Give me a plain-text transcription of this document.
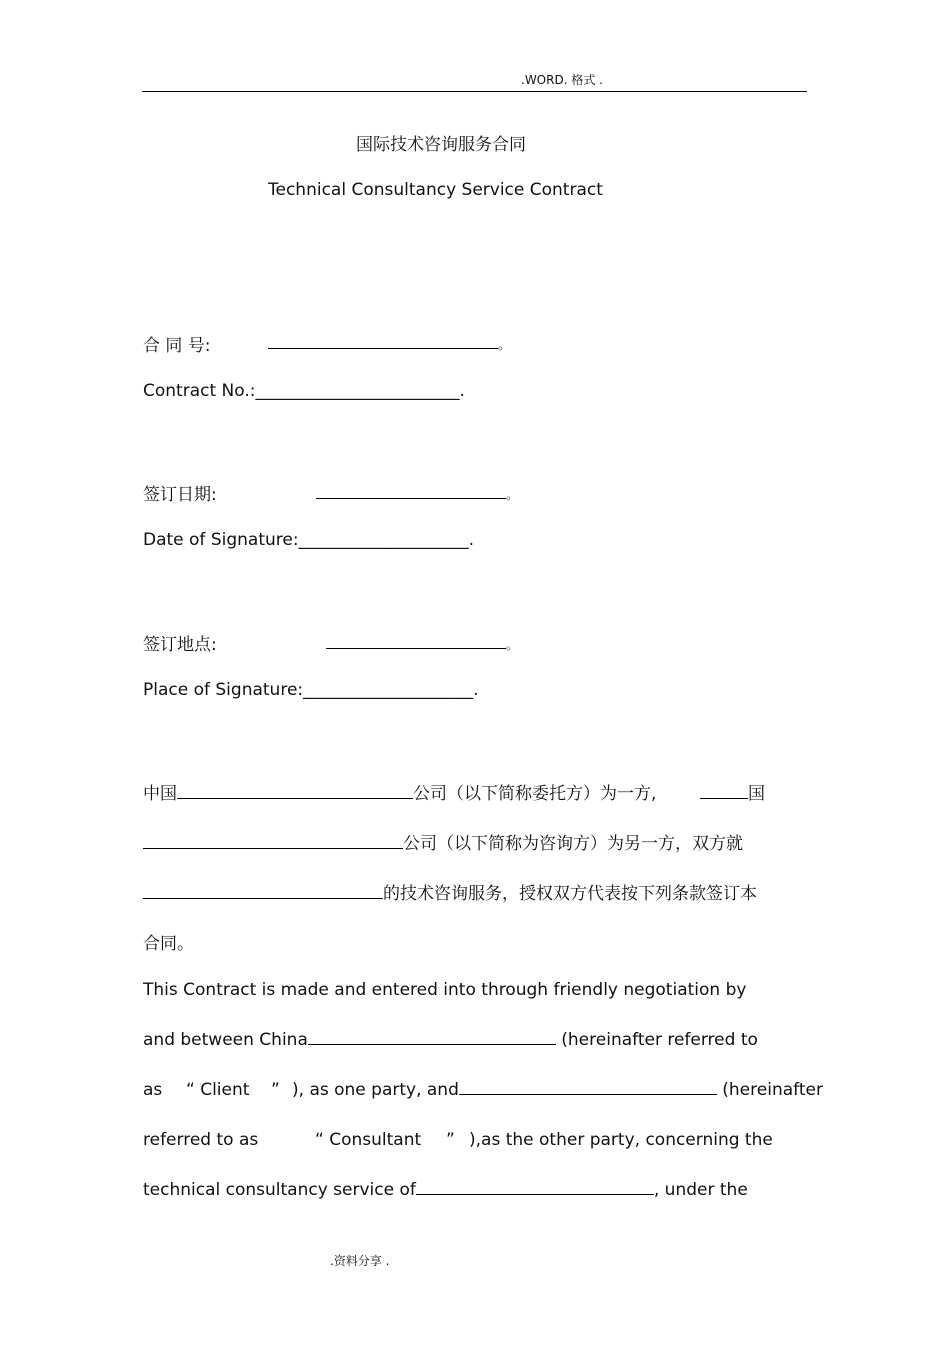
.WORD. 格式 .
国际技术咨询服务合同
Technical Consultancy Service Contract
合 同 号:	。
Contract No.:________________________.
签订日期:	。
Date of Signature:____________________.
签订地点:	。
Place of Signature:____________________.
中国	公司（以下简称委托方）为一方,	国
公司（以下简称为咨询方）为另一方，双方就
的技术咨询服务，授权双方代表按下列条款签订本
合同。
This Contract is made and entered into through friendly negotiation by
and between China	(hereinafter referred to
as “ Client ” ), as one party, and	(hereinafter
referred to as	“ Consultant ” ),as the other party, concerning the
technical consultancy service of	, under the
.资料分享 .
